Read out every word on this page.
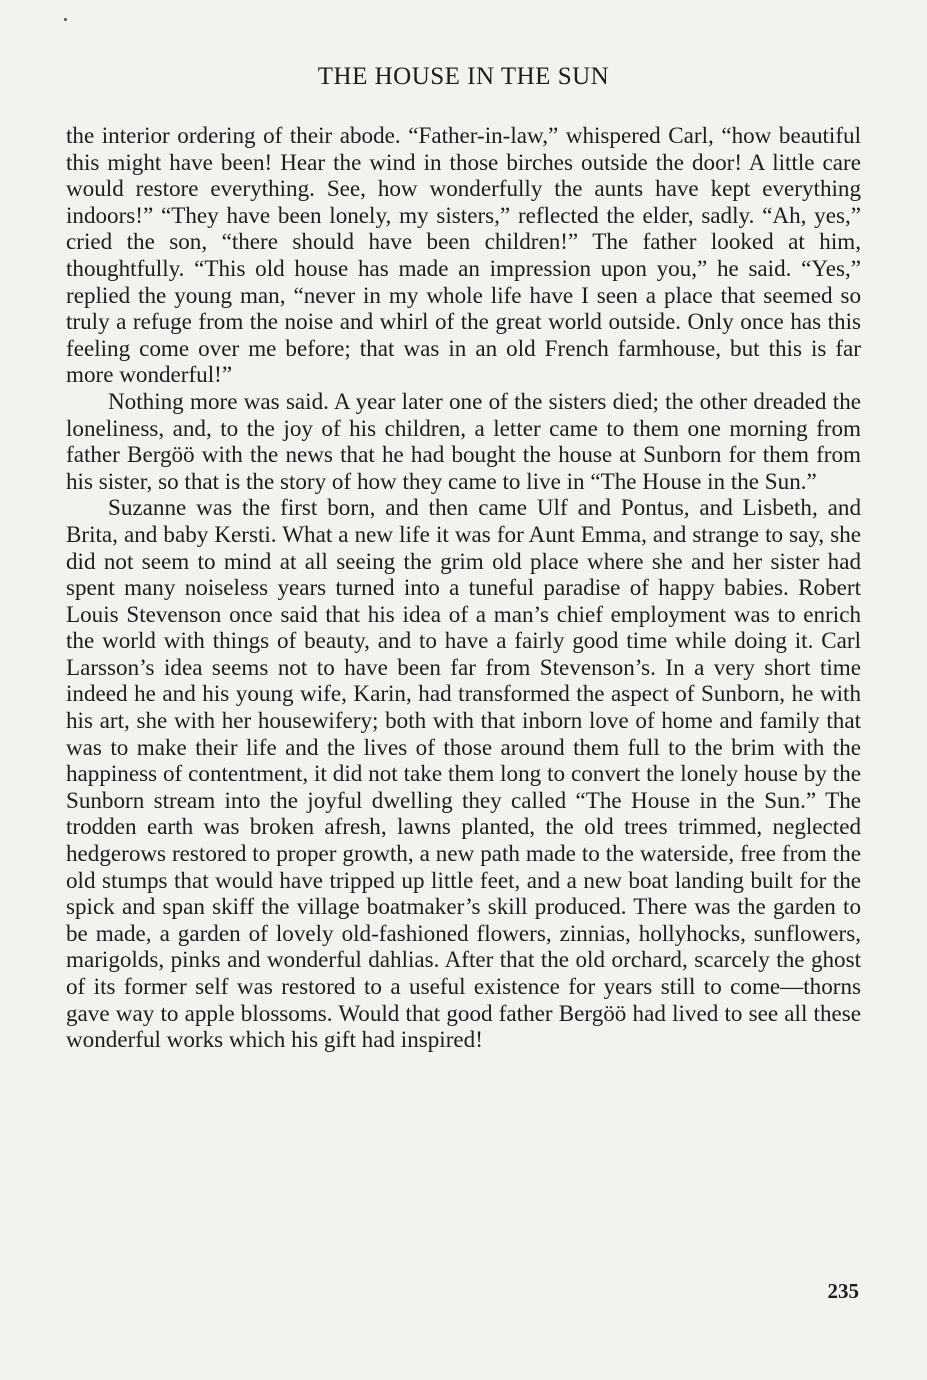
THE HOUSE IN THE SUN

the interior ordering of their abode. “Father-in-law,” whispered Carl, “how beautiful this might have been! Hear the wind in those birches outside the door! A little care would restore everything. See, how wonderfully the aunts have kept everything indoors!” “They have been lonely, my sisters,” reflected the elder, sadly. “Ah, yes,” cried the son, “there should have been children!” The father looked at him, thoughtfully. “This old house has made an impression upon you,” he said. “Yes,” replied the young man, “never in my whole life have I seen a place that seemed so truly a refuge from the noise and whirl of the great world outside. Only once has this feeling come over me before; that was in an old French farmhouse, but this is far more wonderful!”

Nothing more was said. A year later one of the sisters died; the other dreaded the loneliness, and, to the joy of his children, a letter came to them one morning from father Bergöö with the news that he had bought the house at Sunborn for them from his sister, so that is the story of how they came to live in “The House in the Sun.”

Suzanne was the first born, and then came Ulf and Pontus, and Lisbeth, and Brita, and baby Kersti. What a new life it was for Aunt Emma, and strange to say, she did not seem to mind at all seeing the grim old place where she and her sister had spent many noiseless years turned into a tuneful paradise of happy babies. Robert Louis Stevenson once said that his idea of a man’s chief employment was to enrich the world with things of beauty, and to have a fairly good time while doing it. Carl Larsson’s idea seems not to have been far from Stevenson’s. In a very short time indeed he and his young wife, Karin, had transformed the aspect of Sunborn, he with his art, she with her housewifery; both with that inborn love of home and family that was to make their life and the lives of those around them full to the brim with the happiness of contentment, it did not take them long to convert the lonely house by the Sunborn stream into the joyful dwelling they called “The House in the Sun.” The trodden earth was broken afresh, lawns planted, the old trees trimmed, neglected hedgerows restored to proper growth, a new path made to the waterside, free from the old stumps that would have tripped up little feet, and a new boat landing built for the spick and span skiff the village boatmaker’s skill produced. There was the garden to be made, a garden of lovely old-fashioned flowers, zinnias, hollyhocks, sunflowers, marigolds, pinks and wonderful dahlias. After that the old orchard, scarcely the ghost of its former self was restored to a useful existence for years still to come—thorns gave way to apple blossoms. Would that good father Bergöö had lived to see all these wonderful works which his gift had inspired!

235
